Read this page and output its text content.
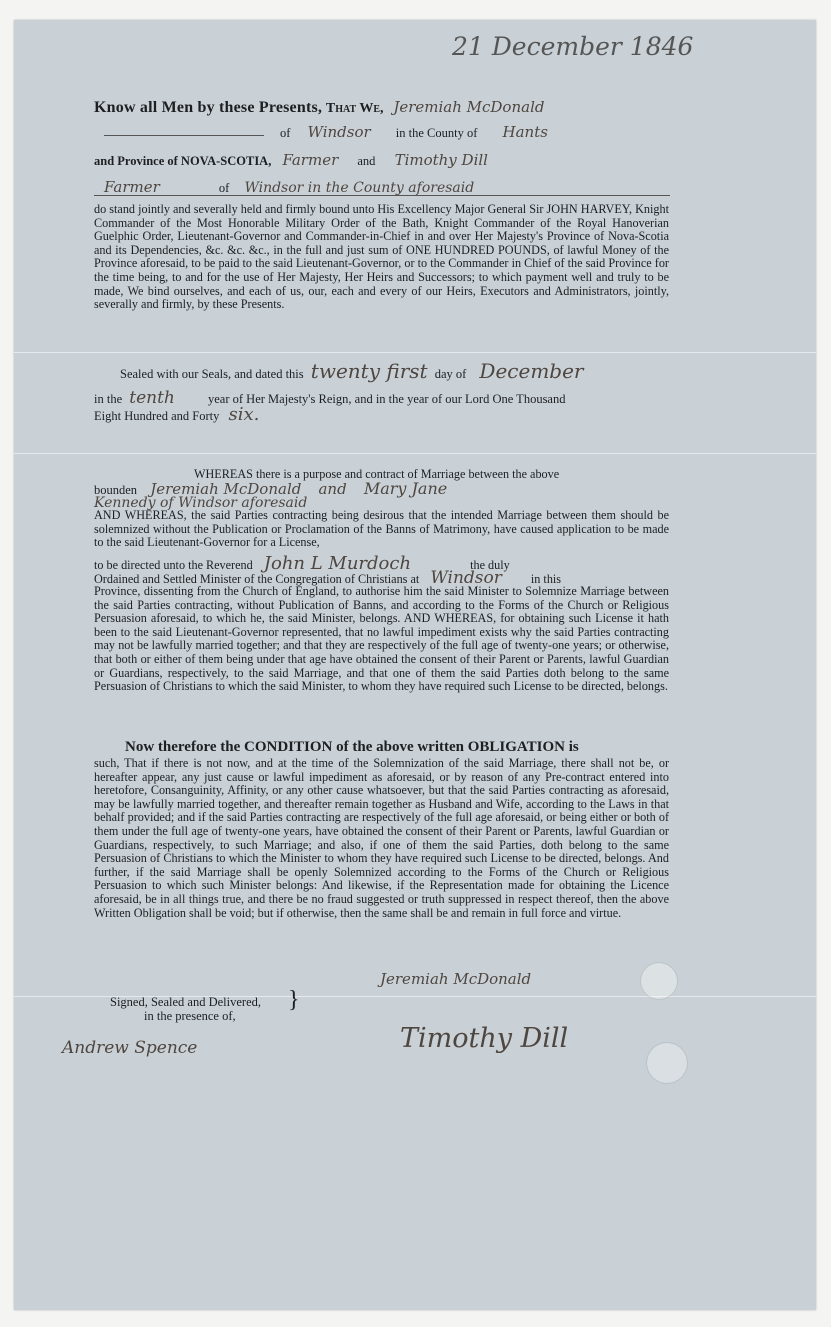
21 December 1846
Know all Men by these Presents, That We, Jeremiah McDonald
of Windsor in the County of Hants
and Province of NOVA-SCOTIA, Farmer and Timothy Dill
Farmer	of Windsor in the County aforesaid
do stand jointly and severally held and firmly bound unto His Excellency Major General Sir JOHN HARVEY, Knight Commander of the Most Honorable Military Order of the Bath, Knight Commander of the Royal Hanoverian Guelphic Order, Lieutenant-Governor and Commander-in-Chief in and over Her Majesty's Province of Nova-Scotia and its Dependencies, &c. &c. &c., in the full and just sum of ONE HUNDRED POUNDS, of lawful Money of the Province aforesaid, to be paid to the said Lieutenant-Governor, or to the Commander in Chief of the said Province for the time being, to and for the use of Her Majesty, Her Heirs and Successors; to which payment well and truly to be made, We bind ourselves, and each of us, our, each and every of our Heirs, Executors and Administrators, jointly, severally and firmly, by these Presents.
Sealed with our Seals, and dated this twenty first day of December
in the tenth	year of Her Majesty's Reign, and in the year of our Lord One Thousand
Eight Hundred and Forty six.
WHEREAS there is a purpose and contract of Marriage between the above
bounden Jeremiah McDonald and Mary Jane
Kennedy of Windsor aforesaid
AND WHEREAS, the said Parties contracting being desirous that the intended Marriage between them should be solemnized without the Publication or Proclamation of the Banns of Matrimony, have caused application to be made to the said Lieutenant-Governor for a License,
to be directed unto the Reverend John L Murdoch	the duly
Ordained and Settled Minister of the Congregation of Christians at Windsor in this
Province, dissenting from the Church of England, to authorise him the said Minister to Solemnize Marriage between the said Parties contracting, without Publication of Banns, and according to the Forms of the Church or Religious Persuasion aforesaid, to which he, the said Minister, belongs. AND WHEREAS, for obtaining such License it hath been to the said Lieutenant-Governor represented, that no lawful impediment exists why the said Parties contracting may not be lawfully married together; and that they are respectively of the full age of twenty-one years; or otherwise, that both or either of them being under that age have obtained the consent of their Parent or Parents, lawful Guardian or Guardians, respectively, to the said Marriage, and that one of them the said Parties doth belong to the same Persuasion of Christians to which the said Minister, to whom they have required such License to be directed, belongs.
Now therefore the CONDITION of the above written OBLIGATION is
such, That if there is not now, and at the time of the Solemnization of the said Marriage, there shall not be, or hereafter appear, any just cause or lawful impediment as aforesaid, or by reason of any Pre-contract entered into heretofore, Consanguinity, Affinity, or any other cause whatsoever, but that the said Parties contracting as aforesaid, may be lawfully married together, and thereafter remain together as Husband and Wife, according to the Laws in that behalf provided; and if the said Parties contracting are respectively of the full age aforesaid, or being either or both of them under the full age of twenty-one years, have obtained the consent of their Parent or Parents, lawful Guardian or Guardians, respectively, to such Marriage; and also, if one of them the said Parties, doth belong to the same Persuasion of Christians to which the Minister to whom they have required such License to be directed, belongs. And further, if the said Marriage shall be openly Solemnized according to the Forms of the Church or Religious Persuasion to which such Minister belongs: And likewise, if the Representation made for obtaining the Licence aforesaid, be in all things true, and there be no fraud suggested or truth suppressed in respect thereof, then the above Written Obligation shall be void; but if otherwise, then the same shall be and remain in full force and virtue.
Jeremiah McDonald
Signed, Sealed and Delivered,
in the presence of,
}
Andrew Spence	Timothy Dill
